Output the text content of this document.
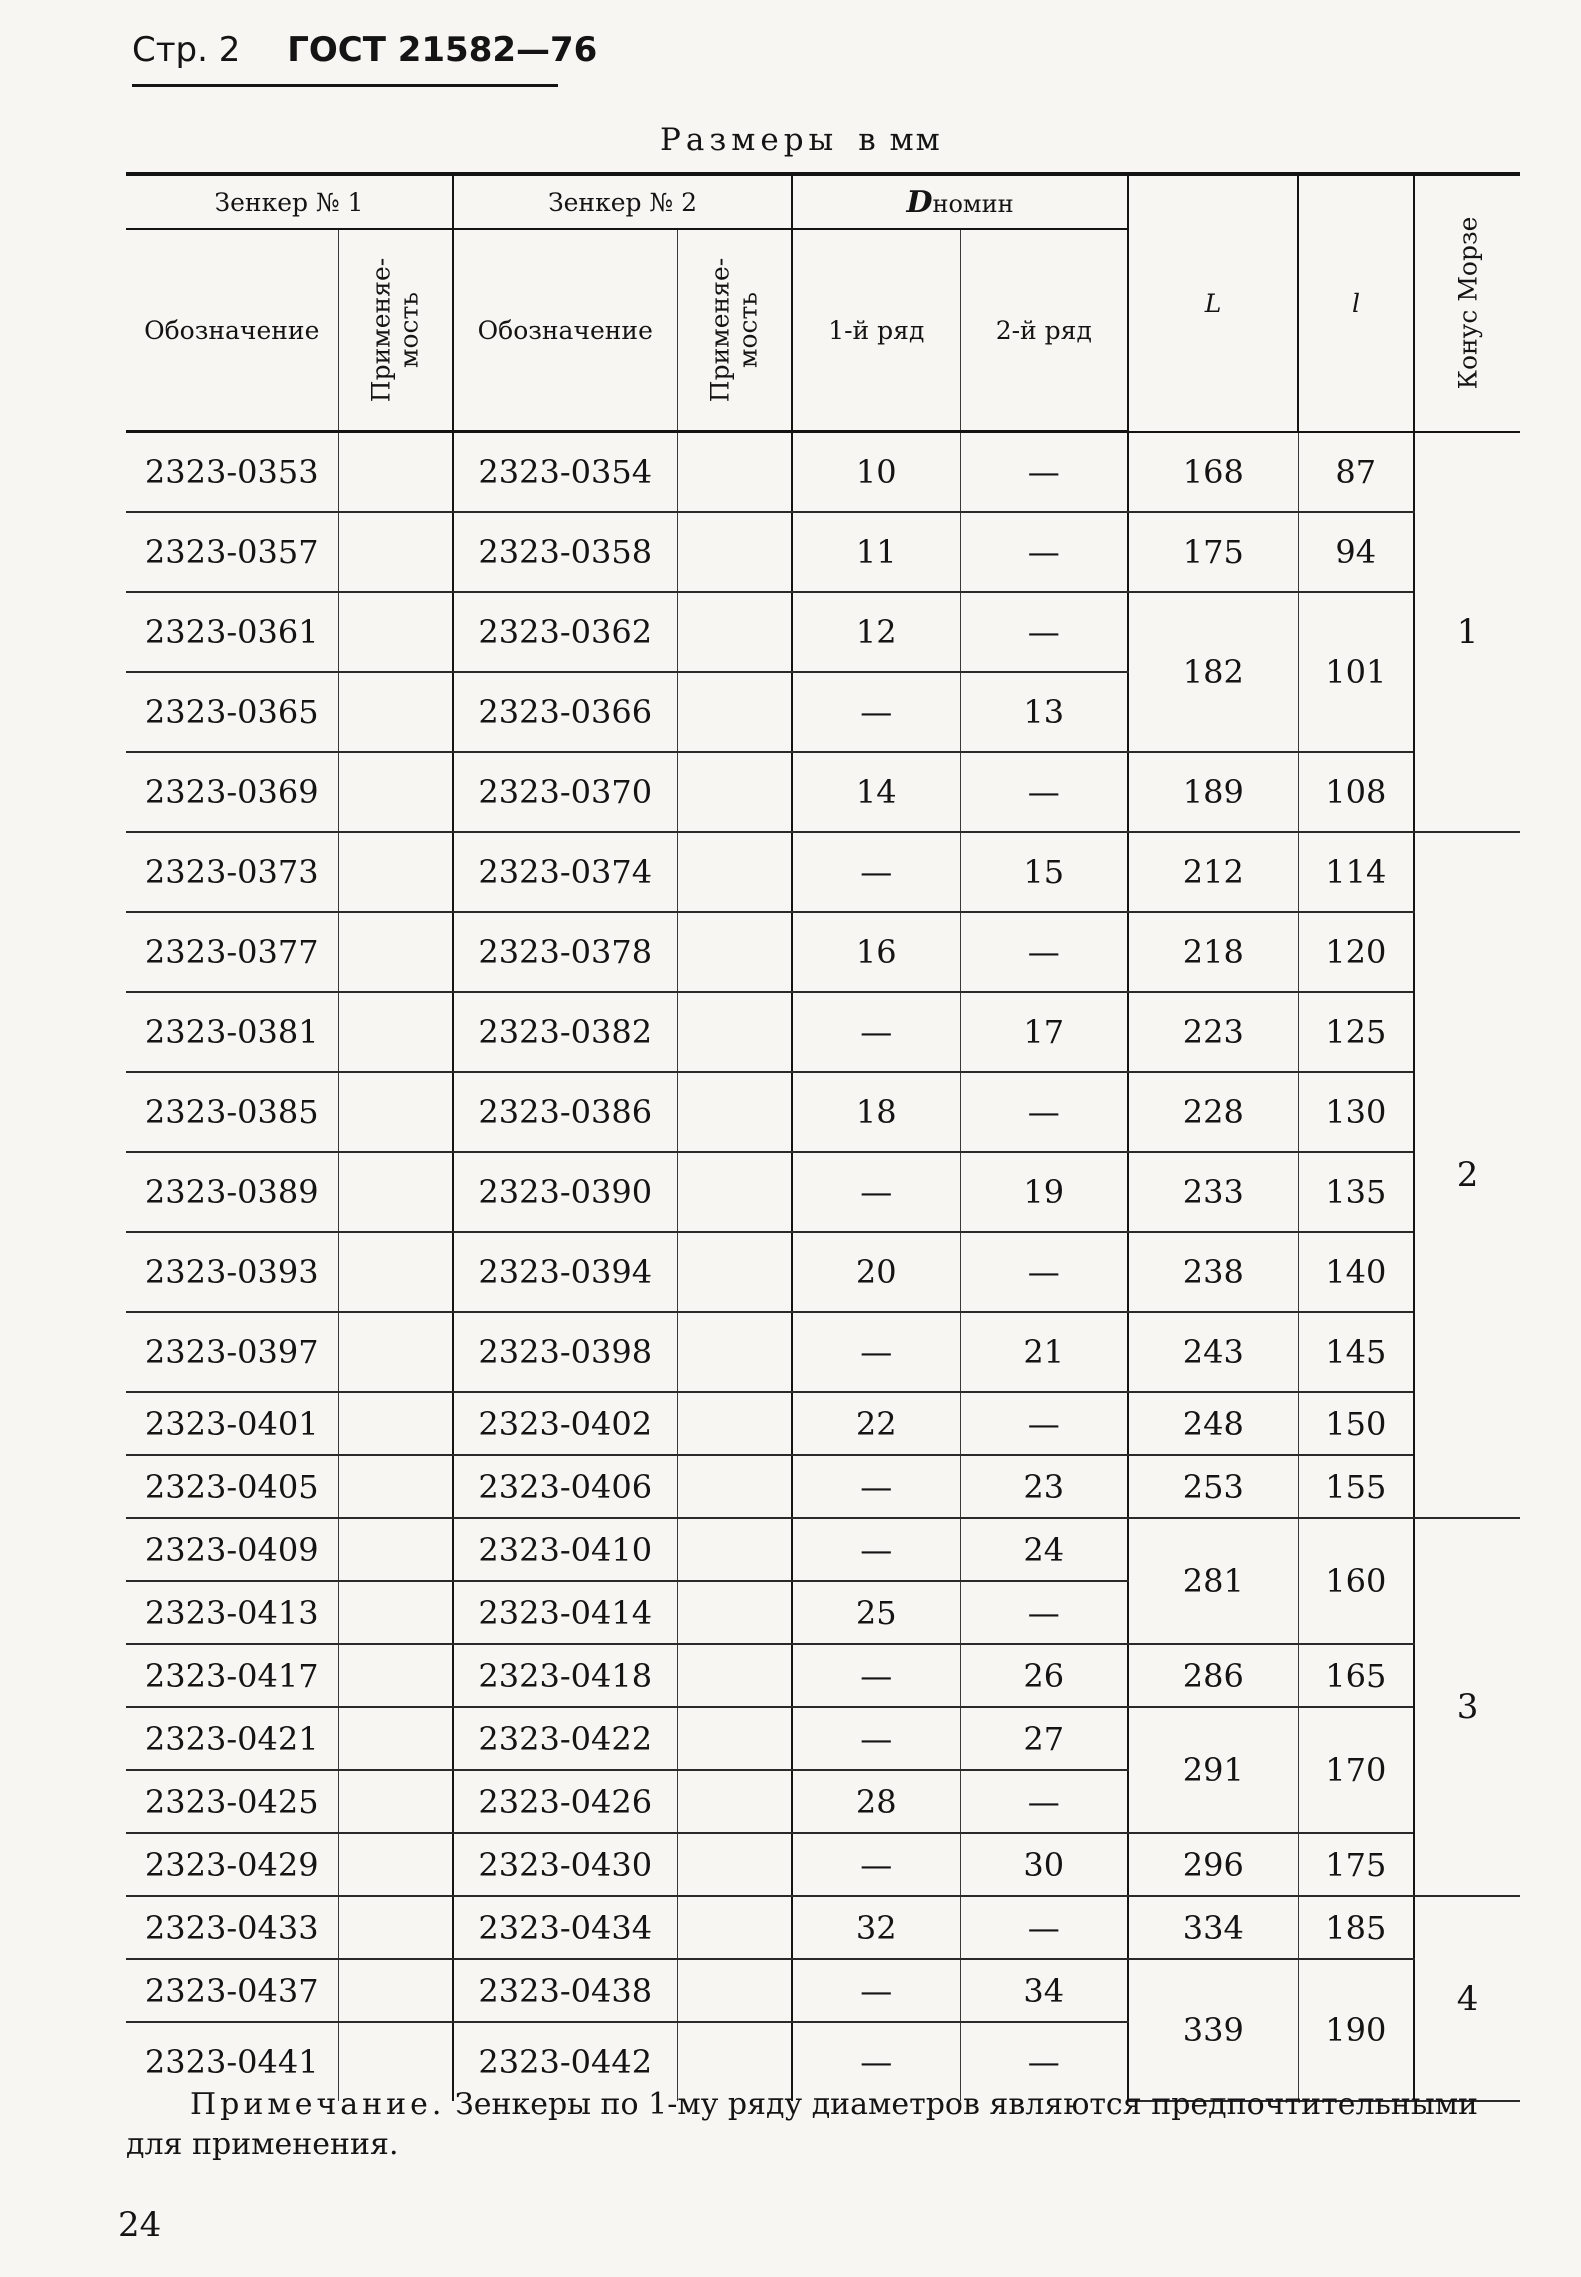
Стр. 2 ГОСТ 21582—76
Размеры в мм
Зенкер № 1		Зенкер № 2		Dномин		L	l	Конус Морзе

Обозначение	Применяе-мость	Обозначение	Применяе-мость	1-й ряд	2-й ряд			
2323-0353		2323-0354		10	—	168	87	1
2323-0357		2323-0358		11	—	175	94	
2323-0361		2323-0362		12	—	182	101	
2323-0365		2323-0366		—	13			
2323-0369		2323-0370		14	—	189	108	
2323-0373		2323-0374		—	15	212	114	2
2323-0377		2323-0378		16	—	218	120	
2323-0381		2323-0382		—	17	223	125	
2323-0385		2323-0386		18	—	228	130	
2323-0389		2323-0390		—	19	233	135	
2323-0393		2323-0394		20	—	238	140	
2323-0397		2323-0398		—	21	243	145	
2323-0401		2323-0402		22	—	248	150	
2323-0405		2323-0406		—	23	253	155	
2323-0409		2323-0410		—	24	281	160	3
2323-0413		2323-0414		25	—			
2323-0417		2323-0418		—	26	286	165	
2323-0421		2323-0422		—	27	291	170	
2323-0425		2323-0426		28	—			
2323-0429		2323-0430		—	30	296	175	
2323-0433		2323-0434		32	—	334	185	4
2323-0437		2323-0438		—	34	339	190	
2323-0441		2323-0442		—	—			
Примечание. Зенкеры по 1-му ряду диаметров являются предпочтительными для применения.
24
